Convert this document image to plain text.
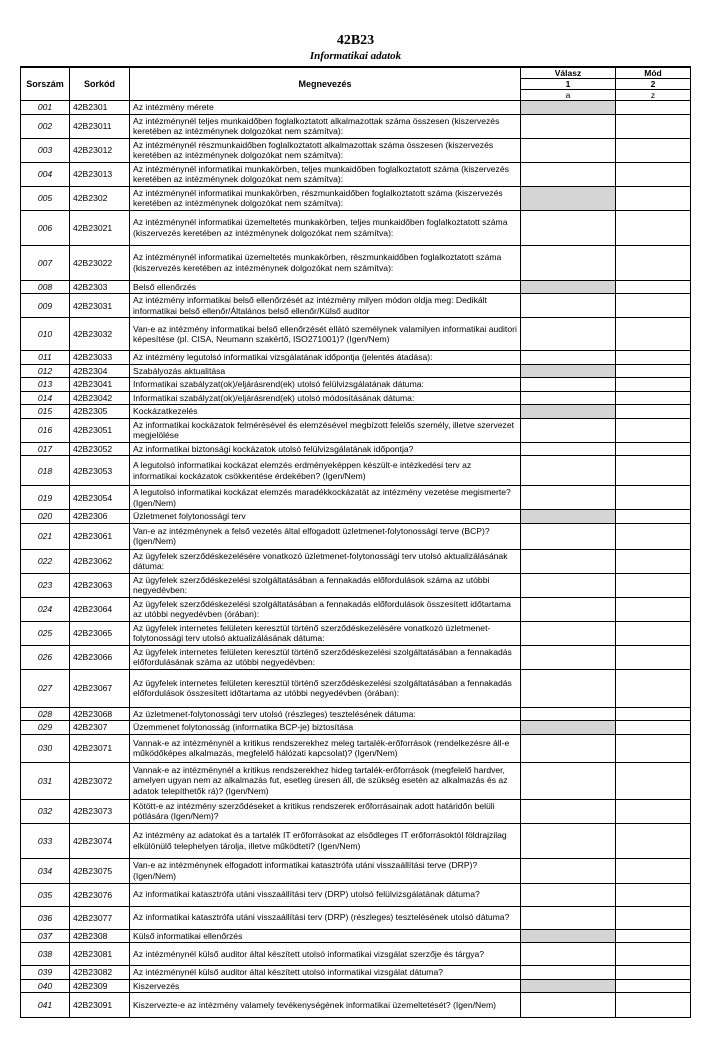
42B23
Informatikai adatok
Sorszám	Sorkód	Megnevezés	Válasz	Mód
			1	2
			a	z
001	42B2301	Az intézmény mérete		
002	42B23011	Az intézménynél teljes munkaidőben foglalkoztatott alkalmazottak száma összesen (kiszervezés keretében az intézménynek dolgozókat nem számítva):		
003	42B23012	Az intézménynél részmunkaidőben foglalkoztatott alkalmazottak száma összesen (kiszervezés keretében az intézménynek dolgozókat nem számítva):		
004	42B23013	Az intézménynél informatikai munkakörben, teljes munkaidőben foglalkoztatott száma (kiszervezés keretében az intézménynek dolgozókat nem számítva):		
005	42B2302	Az intézménynél informatikai munkakörben, részmunkaidőben foglalkoztatott száma (kiszervezés keretében az intézménynek dolgozókat nem számítva):		
006	42B23021	Az intézménynél informatikai üzemeltetés munkakörben, teljes munkaidőben foglalkoztatott száma (kiszervezés keretében az intézménynek dolgozókat nem számítva):		
007	42B23022	Az intézménynél informatikai üzemeltetés munkakörben, részmunkaidőben foglalkoztatott száma (kiszervezés keretében az intézménynek dolgozókat nem számítva):		
008	42B2303	Belső ellenőrzés		
009	42B23031	Az intézmény informatikai belső ellenőrzését az intézmény milyen módon oldja meg: Dedikált informatikai belső ellenőr/Általános belső ellenőr/Külső auditor		
010	42B23032	Van-e az intézmény informatikai belső ellenőrzését ellátó személynek valamilyen informatikai auditori képesítése (pl. CISA, Neumann szakértő, ISO271001)? (Igen/Nem)		
011	42B23033	Az intézmény legutolsó informatikai vizsgálatának időpontja (jelentés átadása):		
012	42B2304	Szabályozás aktualitása		
013	42B23041	Informatikai szabályzat(ok)/eljárásrend(ek) utolsó felülvizsgálatának dátuma:		
014	42B23042	Informatikai szabályzat(ok)/eljárásrend(ek) utolsó módosításának dátuma:		
015	42B2305	Kockázatkezelés		
016	42B23051	Az informatikai kockázatok felmérésével és elemzésével megbízott felelős személy, illetve szervezet megjelölése		
017	42B23052	Az informatikai biztonsági kockázatok utolsó felülvizsgálatának időpontja?		
018	42B23053	A legutolsó informatikai kockázat elemzés erdményeképpen készült-e intézkedési terv az informatikai kockázatok csökkentése érdekében? (Igen/Nem)		
019	42B23054	A legutolsó informatikai kockázat elemzés maradékkockázatát az intézmény vezetése megismerte? (Igen/Nem)		
020	42B2306	Üzletmenet folytonossági terv		
021	42B23061	Van-e az intézménynek a felső vezetés által elfogadott üzletmenet-folytonossági terve (BCP)? (Igen/Nem)		
022	42B23062	Az ügyfelek szerződéskezelésére vonatkozó üzletmenet-folytonossági terv utolsó aktualizálásának dátuma:		
023	42B23063	Az ügyfelek szerződéskezelési szolgáltatásában a fennakadás előfordulások száma az utóbbi negyedévben:		
024	42B23064	Az ügyfelek szerződéskezelési szolgáltatásában a fennakadás előfordulások összesített időtartama az utóbbi negyedévben (órában):		
025	42B23065	Az ügyfelek internetes felületen keresztül történő szerződéskezelésére vonatkozó üzletmenet-folytonossági terv utolsó aktualizálásának dátuma:		
026	42B23066	Az ügyfelek internetes felületen keresztül történő szerződéskezelési szolgáltatásában a fennakadás előfordulásának száma az utóbbi negyedévben:		
027	42B23067	Az ügyfelek internetes felületen keresztül történő szerződéskezelési szolgáltatásában a fennakadás előfordulások összesített időtartama az utóbbi negyedévben (órában):		
028	42B23068	Az üzletmenet-folytonossági terv utolsó (részleges) tesztelésének dátuma:		
029	42B2307	Üzemmenet folytonosság (informatika BCP-je) biztosítása		
030	42B23071	Vannak-e az intézménynél a kritikus rendszerekhez meleg tartalék-erőforrások (rendelkezésre áll-e működőképes alkalmazás, megfelelő hálózati kapcsolat)? (Igen/Nem)		
031	42B23072	Vannak-e az intézménynél a kritikus rendszerekhez hideg tartalék-erőforrások (megfelelő hardver, amelyen ugyan nem az alkalmazás fut, esetleg üresen áll, de szükség esetén az alkalmazás és az adatok telepíthetők rá)? (Igen/Nem)		
032	42B23073	Kötött-e az intézmény szerződéseket a kritikus rendszerek erőforrásainak adott határidőn belüli pótlására (Igen/Nem)?		
033	42B23074	Az intézmény az adatokat és a tartalék IT erőforrásokat az elsődleges IT erőforrásoktól földrajzilag elkülönülő telephelyen tárolja, illetve működteti? (Igen/Nem)		
034	42B23075	Van-e az intézménynek elfogadott informatikai katasztrófa utáni visszaállítási terve (DRP)? (Igen/Nem)		
035	42B23076	Az informatikai katasztrófa utáni visszaállítási terv (DRP) utolsó felülvizsgálatának dátuma?		
036	42B23077	Az informatikai katasztrófa utáni visszaállítási terv (DRP) (részleges) tesztelésének utolsó dátuma?		
037	42B2308	Külső informatikai ellenőrzés		
038	42B23081	Az intézménynél külső auditor által készített utolsó informatikai vizsgálat szerzője és tárgya?		
039	42B23082	Az intézménynél külső auditor által készített utolsó informatikai vizsgálat dátuma?		
040	42B2309	Kiszervezés		
041	42B23091	Kiszervezte-e az intézmény valamely tevékenységének informatikai üzemeltetését? (Igen/Nem)		
